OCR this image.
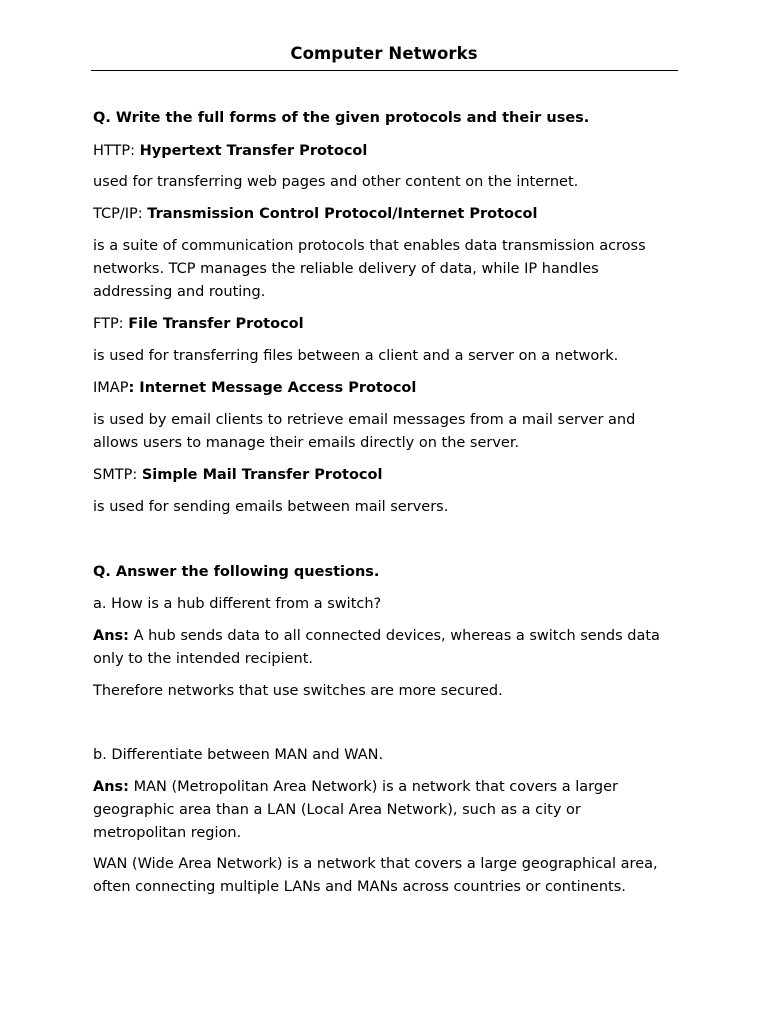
Computer Networks
Q. Write the full forms of the given protocols and their uses.
HTTP: Hypertext Transfer Protocol
used for transferring web pages and other content on the internet.
TCP/IP: Transmission Control Protocol/Internet Protocol
is a suite of communication protocols that enables data transmission across
networks. TCP manages the reliable delivery of data, while IP handles
addressing and routing.
FTP: File Transfer Protocol
is used for transferring files between a client and a server on a network.
IMAP: Internet Message Access Protocol
is used by email clients to retrieve email messages from a mail server and
allows users to manage their emails directly on the server.
SMTP: Simple Mail Transfer Protocol
is used for sending emails between mail servers.
Q. Answer the following questions.
a. How is a hub different from a switch?
Ans: A hub sends data to all connected devices, whereas a switch sends data
only to the intended recipient.
Therefore networks that use switches are more secured.
b. Differentiate between MAN and WAN.
Ans: MAN (Metropolitan Area Network) is a network that covers a larger
geographic area than a LAN (Local Area Network), such as a city or
metropolitan region.
WAN (Wide Area Network) is a network that covers a large geographical area,
often connecting multiple LANs and MANs across countries or continents.
